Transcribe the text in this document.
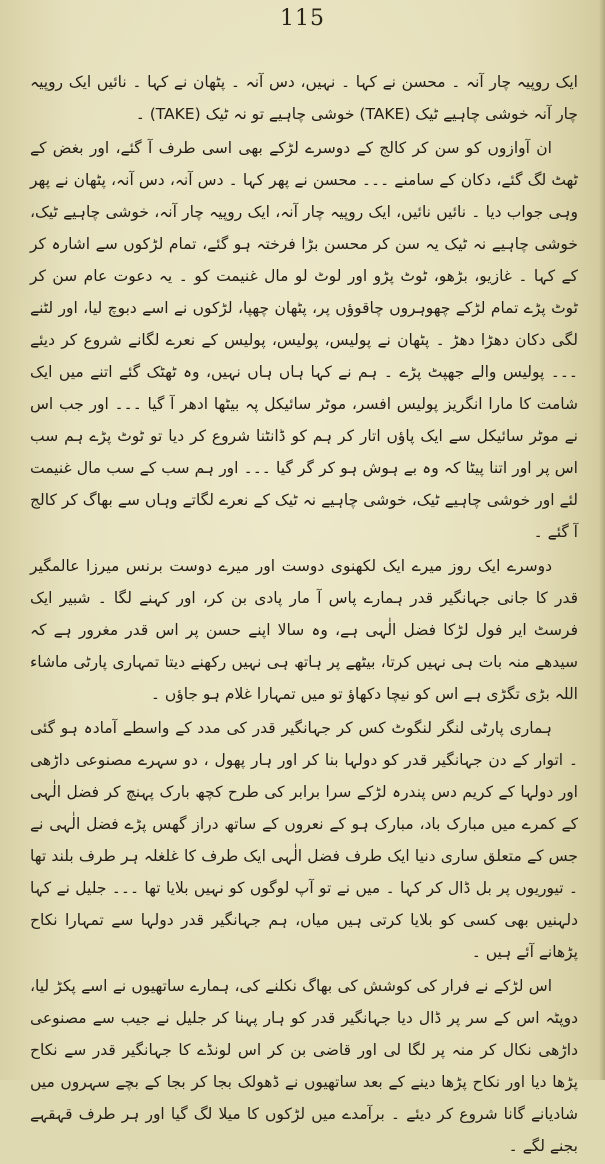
115

ایک روپیہ چار آنہ ۔ محسن نے کہا ۔ نہیں، دس آنہ ۔ پٹھان نے کہا ۔ نائیں ایک روپیہ چار آنہ خوشی چاہیے ٹیک (TAKE) خوشی چاہیے تو نہ ٹیک (TAKE) ۔

ان آوازوں کو سن کر کالج کے دوسرے لڑکے بھی اسی طرف آ گئے، اور بغض کے ٹھٹ لگ گئے، دکان کے سامنے ۔۔۔ محسن نے پھر کہا ۔ دس آنہ، دس آنہ، پٹھان نے پھر وہی جواب دیا ۔ نائیں نائیں، ایک روپیہ چار آنہ، ایک روپیہ چار آنہ، خوشی چاہیے ٹیک، خوشی چاہیے نہ ٹیک یہ سن کر محسن بڑا فرختہ ہو گئے، تمام لڑکوں سے اشارہ کر کے کہا ۔ غازیو، بڑھو، ٹوٹ پڑو اور لوٹ لو مال غنیمت کو ۔ یہ دعوت عام سن کر ٹوٹ پڑے تمام لڑکے چھوہروں چاقوؤں پر، پٹھان چھپا، لڑکوں نے اسے دبوچ لیا، اور لٹنے لگی دکان دھڑا دھڑ ۔ پٹھان نے پولیس، پولیس، پولیس کے نعرے لگانے شروع کر دیئے ۔۔۔ پولیس والے جھپٹ پڑے ۔ ہم نے کہا ہاں ہاں نہیں، وہ ٹھٹک گئے اتنے میں ایک شامت کا مارا انگریز پولیس افسر، موٹر سائیکل پہ بیٹھا ادھر آ گیا ۔۔۔ اور جب اس نے موٹر سائیکل سے ایک پاؤں اتار کر ہم کو ڈانٹنا شروع کر دیا تو ٹوٹ پڑے ہم سب اس پر اور اتنا پیٹا کہ وہ بے ہوش ہو کر گر گیا ۔۔۔ اور ہم سب کے سب مال غنیمت لئے اور خوشی چاہیے ٹیک، خوشی چاہیے نہ ٹیک کے نعرے لگاتے وہاں سے بھاگ کر کالج آ گئے ۔

دوسرے ایک روز میرے ایک لکھنوی دوست اور میرے دوست برنس میرزا عالمگیر قدر کا جانی جہانگیر قدر ہمارے پاس آ مار پادی بن کر، اور کہنے لگا ۔ شبیر ایک فرسٹ ایر فول لڑکا فضل الٰہی ہے، وہ سالا اپنے حسن پر اس قدر مغرور ہے کہ سیدھے منہ بات ہی نہیں کرتا، بیٹھے پر ہاتھ ہی نہیں رکھنے دیتا تمہاری پارٹی ماشاء اللہ بڑی تگڑی ہے اس کو نیچا دکھاؤ تو میں تمہارا غلام ہو جاؤں ۔

ہماری پارٹی لنگر لنگوٹ کس کر جہانگیر قدر کی مدد کے واسطے آمادہ ہو گئی ۔ اتوار کے دن جہانگیر قدر کو دولہا بنا کر اور ہار پھول ، دو سہرے مصنوعی داڑھی اور دولہا کے کریم دس پندرہ لڑکے سرا برابر کی طرح کچھ بارک پہنچ کر فضل الٰہی کے کمرے میں مبارک باد، مبارک ہو کے نعروں کے ساتھ دراز گھس پڑے فضل الٰہی نے جس کے متعلق ساری دنیا ایک طرف فضل الٰہی ایک طرف کا غلغلہ ہر طرف بلند تھا ۔ تیوریوں پر بل ڈال کر کہا ۔ میں نے تو آپ لوگوں کو نہیں بلایا تھا ۔۔۔ جلیل نے کہا دلہنیں بھی کسی کو بلایا کرتی ہیں میاں، ہم جہانگیر قدر دولہا سے تمہارا نکاح پڑھانے آئے ہیں ۔

اس لڑکے نے فرار کی کوشش کی بھاگ نکلنے کی، ہمارے ساتھیوں نے اسے پکڑ لیا، دوپٹہ اس کے سر پر ڈال دیا جہانگیر قدر کو ہار پہنا کر جلیل نے جیب سے مصنوعی داڑھی نکال کر منہ پر لگا لی اور قاضی بن کر اس لونڈے کا جہانگیر قدر سے نکاح پڑھا دیا اور نکاح پڑھا دینے کے بعد ساتھیوں نے ڈھولک بجا کر بجا کے بچے سہروں میں شادیانے گانا شروع کر دیئے ۔ برآمدے میں لڑکوں کا میلا لگ گیا اور ہر طرف قہقہے بجنے لگے ۔
